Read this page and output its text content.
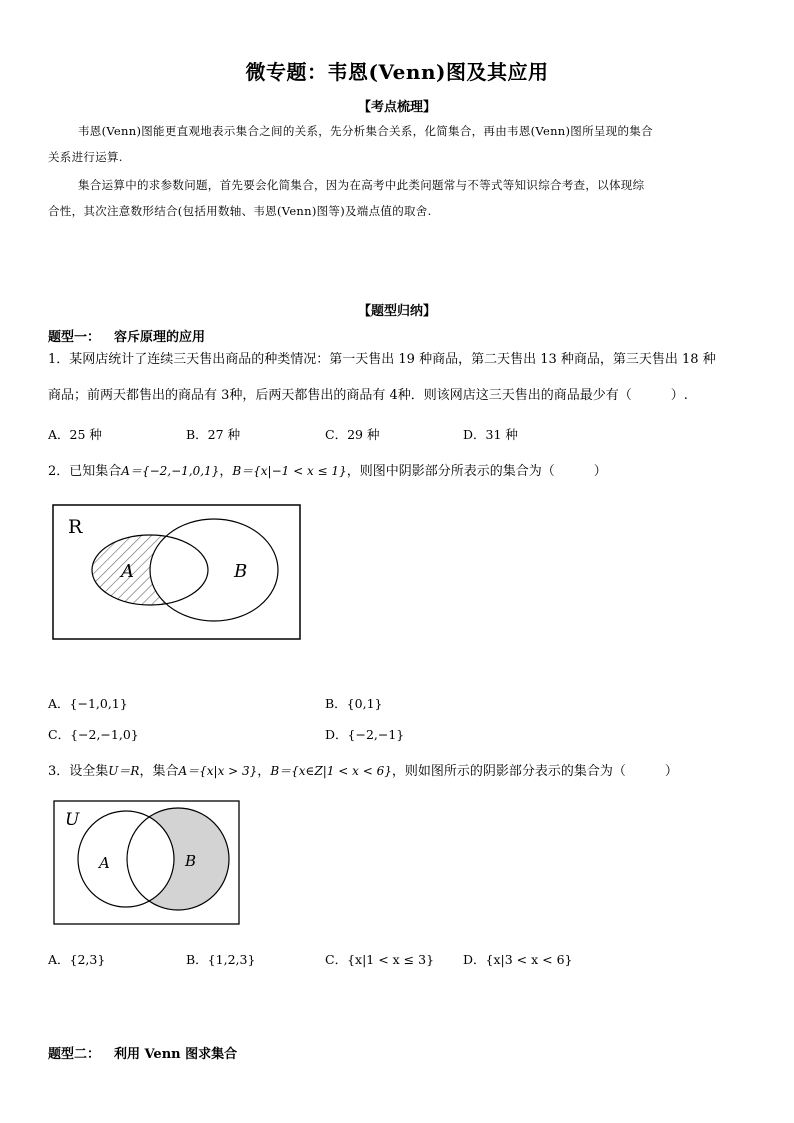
微专题：韦恩(Venn)图及其应用
【考点梳理】
韦恩(Venn)图能更直观地表示集合之间的关系，先分析集合关系，化简集合，再由韦恩(Venn)图所呈现的集合
关系进行运算.
集合运算中的求参数问题，首先要会化简集合，因为在高考中此类问题常与不等式等知识综合考查，以体现综
合性，其次注意数形结合(包括用数轴、韦恩(Venn)图等)及端点值的取舍.
【题型归纳】
题型一： 容斥原理的应用
1．某网店统计了连续三天售出商品的种类情况：第一天售出 19 种商品，第二天售出 13 种商品，第三天售出 18 种
商品；前两天都售出的商品有 3种，后两天都售出的商品有 4种．则该网店这三天售出的商品最少有（　　　）.
A．25 种	B．27 种	C．29 种	D．31 种
2．已知集合A＝{−2,−1,0,1}，B＝{x|−1 < x ≤ 1}，则图中阴影部分所表示的集合为（　　　）
R
A	B
A．{−1,0,1}	B．{0,1}
C．{−2,−1,0}	D．{−2,−1}
3．设全集U＝R，集合A＝{x|x > 3}，B＝{x∈Z|1 < x < 6}，则如图所示的阴影部分表示的集合为（　　　）
U
A	B
A．{2,3}	B．{1,2,3}	C．{x|1 < x ≤ 3} D．{x|3 < x < 6}
题型二： 利用 Venn 图求集合
